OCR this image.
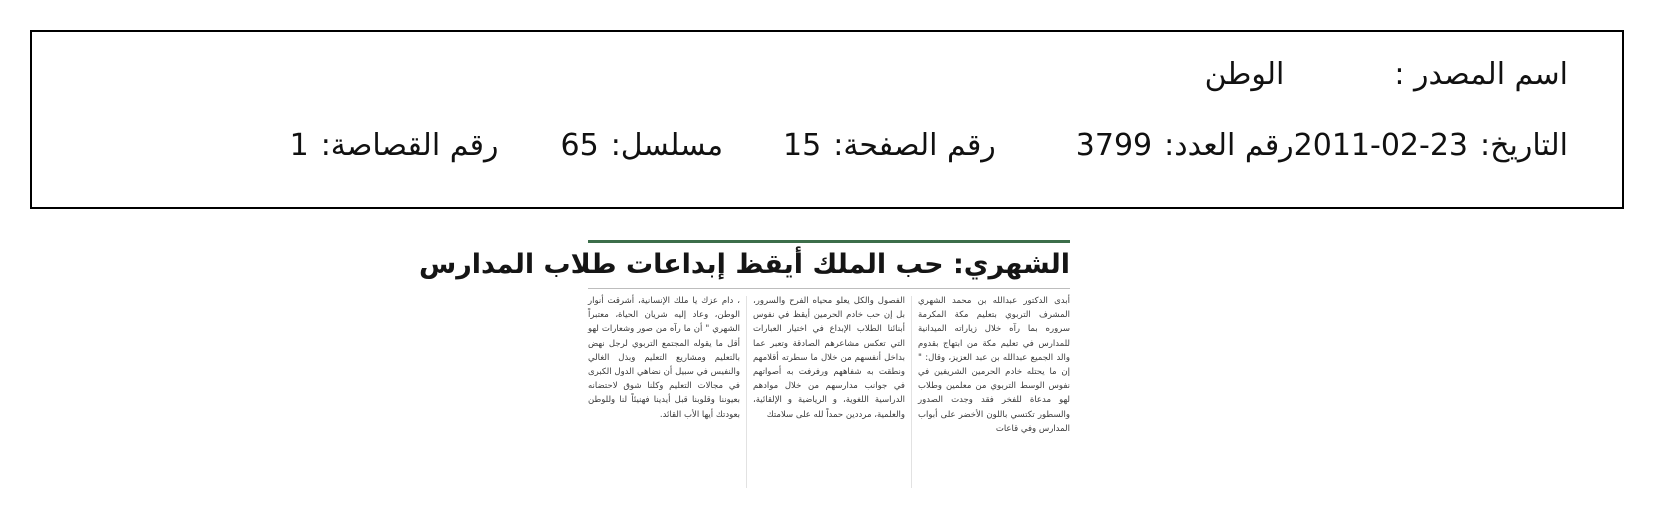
اسم المصدر :
الوطن
التاريخ:
2011-02-23
رقم العدد:
3799
رقم الصفحة:
15
مسلسل:
65
رقم القصاصة:
1
الشهري: حب الملك أيقظ إبداعات طلاب المدارس
أبدى الدكتور عبدالله بن محمد الشهري المشرف التربوي بتعليم مكة المكرمة سروره بما رآه خلال زياراته الميدانية للمدارس في تعليم مكة من ابتهاج بقدوم والد الجميع عبدالله بن عبد العزيز، وقال: " إن ما يحتله خادم الحرمين الشريفين في نفوس الوسط التربوي من معلمين وطلاب لهو مدعاة للفخر فقد وجدت الصدور والسطور تكتسي باللون الأخضر على أبواب المدارس وفي قاعات
الفصول والكل يعلو محياه الفرح والسرور، بل إن حب خادم الحرمين أيقظ في نفوس أبنائنا الطلاب الإبداع في اختيار العبارات التي تعكس مشاعرهم الصادقة وتعبر عما بداخل أنفسهم من خلال ما سطرته أقلامهم ونطقت به شفاههم ورفرفت به أصواتهم في جوانب مدارسهم من خلال موادهم الدراسية اللغوية، و الرياضية و الإلقائية، والعلمية، مرددين حمداً لله على سلامتك
، دام عزك يا ملك الإنسانية، أشرقت أنوار الوطن، وعاد إليه شريان الحياة، معتبراً الشهري " أن ما رآه من صور وشعارات لهو أقل ما يقوله المجتمع التربوي لرجل نهض بالتعليم ومشاريع التعليم وبذل الغالي والنفيس في سبيل أن نضاهي الدول الكبرى في مجالات التعليم وكلنا شوق لاحتضانه بعيوننا وقلوبنا قبل أيدينا فهنيئاً لنا وللوطن بعودتك أيها الأب القائد.
